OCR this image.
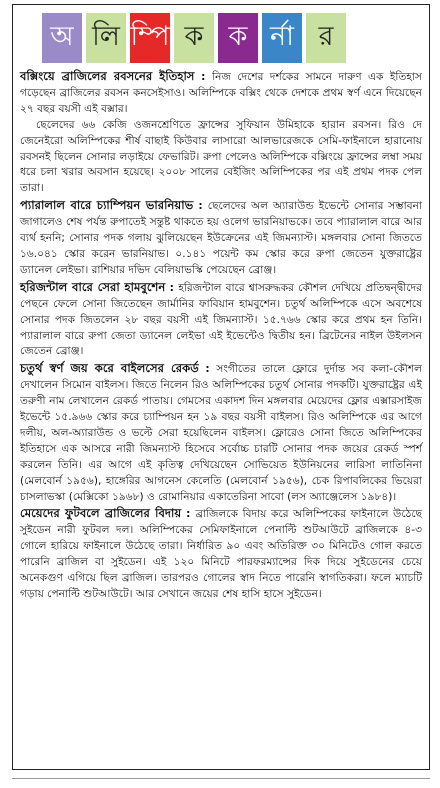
অ লি ম্পি ক ক র্না র

বক্সিংয়ে ব্রাজিলের রবসনের ইতিহাস : নিজ দেশের দর্শকের সামনে দারুণ এক ইতিহাস গড়েছেন ব্রাজিলের রবসন কনসেইসাও। অলিম্পিকে বক্সিং থেকে দেশকে প্রথম স্বর্ণ এনে দিয়েছেন ২৭ বছর বয়সী এই বক্সার।
ছেলেদের ৬৬ কেজি ওজনশ্রেণিতে ফ্রান্সের সুফিয়ান উমিহাকে হারান রবসন। রিও দে জেনেইরো অলিম্পিকের শীর্ষ বাছাই কিউবার লাসারো আলভারেজকে সেমি-ফাইনালে হারানোয় রবসনই ছিলেন সোনার লড়াইয়ে ফেভারিট। রুপা পেলেও অলিম্পিকে বক্সিংয়ে ফ্রান্সের লম্বা সময় ধরে চলা খরার অবসান হয়েছে। ২০০৮ সালের বেইজিং অলিম্পিকের পর এই প্রথম পদক পেল তারা।

প্যারালাল বারে চ্যাম্পিয়ন ভারনিয়াভ : ছেলেদের অল অ্যারাউন্ড ইভেন্টে সোনার সম্ভাবনা জাগালেও শেষ পর্যন্ত রুপাতেই সন্তুষ্ট থাকতে হয় ওলেগ ভারনিয়াভকে। তবে প্যারালাল বারে আর ব্যর্থ হননি; সোনার পদক গলায় ঝুলিয়েছেন ইউক্রেনের এই জিমন্যাস্ট। মঙ্গলবার সোনা জিততে ১৬.০৪১ স্কোর করেন ভারনিয়াভ। ০.১৪১ পয়েন্ট কম স্কোর করে রুপা জেতেন যুক্তরাষ্ট্রের ড্যানেল লেইভা। রাশিয়ার দভিদ বেলিয়াভস্কি পেয়েছেন ব্রোঞ্জ।

হরিজন্টাল বারে সেরা হামবুশেন : হরিজন্টাল বারে শ্বাসরুদ্ধকর কৌশল দেখিয়ে প্রতিদ্বন্দ্বীদের পেছনে ফেলে সোনা জিতেছেন জার্মানির ফাবিয়ান হামবুশেন। চতুর্থ অলিম্পিকে এসে অবশেষে সোনার পদক জিতলেন ২৮ বছর বয়সী এই জিমন্যাস্ট। ১৫.৭৬৬ স্কোর করে প্রথম হন তিনি। প্যারালাল বারে রুপা জেতা ড্যানেল লেইভা এই ইভেন্টেও দ্বিতীয় হন। ব্রিটেনের নাইল উইলসন জেতেন ব্রোঞ্জ।

চতুর্থ স্বর্ণ জয় করে বাইলসের রেকর্ড : সংগীতের তালে ফ্লোরে দুর্দান্ত সব কলা-কৌশল দেখালেন সিমোন বাইলস। জিতে নিলেন রিও অলিম্পিকের চতুর্থ সোনার পদকটি। যুক্তরাষ্ট্রের এই তরুণী নাম লেখালেন রেকর্ড পাতায়। গেমসের একাদশ দিন মঙ্গলবার মেয়েদের ফ্লোর এক্সারসাইজ ইভেন্টে ১৫.৯৬৬ স্কোর করে চ্যাম্পিয়ন হন ১৯ বছর বয়সী বাইলস। রিও অলিম্পিকে এর আগে দলীয়, অল-অ্যারাউন্ড ও ভল্টে সেরা হয়েছিলেন বাইলস। ফ্লোরেও সোনা জিতে অলিম্পিকের ইতিহাসে এক আসরে নারী জিমন্যাস্ট হিসেবে সর্বোচ্চ চারটি সোনার পদক জয়ের রেকর্ড স্পর্শ করলেন তিনি। এর আগে এই কৃতিত্ব দেখিয়েছেন সোভিয়েত ইউনিয়নের লারিসা লাতিনিনা (মেলবোর্ন ১৯৫৬), হাঙ্গেরির আগনেস কেলেতি (মেলবোর্ন ১৯৫৬), চেক রিপাবলিকের ভিয়েরা চাসলাভস্কা (মেক্সিকো ১৯৬৮) ও রোমানিয়ার একাতেরিনা সাবো (লস অ্যাঞ্জেলেস ১৯৮৪)।

মেয়েদের ফুটবলে ব্রাজিলের বিদায় : ব্রাজিলকে বিদায় করে অলিম্পিকের ফাইনালে উঠেছে সুইডেন নারী ফুটবল দল। অলিম্পিকের সেমিফাইনালে পেনাল্টি শুটআউটে ব্রাজিলকে ৪-৩ গোলে হারিয়ে ফাইনালে উঠেছে তারা। নির্ধারিত ৯০ এবং অতিরিক্ত ৩০ মিনিটেও গোল করতে পারেনি ব্রাজিল বা সুইডেন। এই ১২০ মিনিটে পারফরম্যান্সের দিক দিয়ে সুইডেনের চেয়ে অনেকগুণ এগিয়ে ছিল ব্রাজিল। তারপরও গোলের স্বাদ নিতে পারেনি স্বাগতিকরা। ফলে ম্যাচটি গড়ায় পেনাল্টি শুটআউটে। আর সেখানে জয়ের শেষ হাসি হাসে সুইডেন।
